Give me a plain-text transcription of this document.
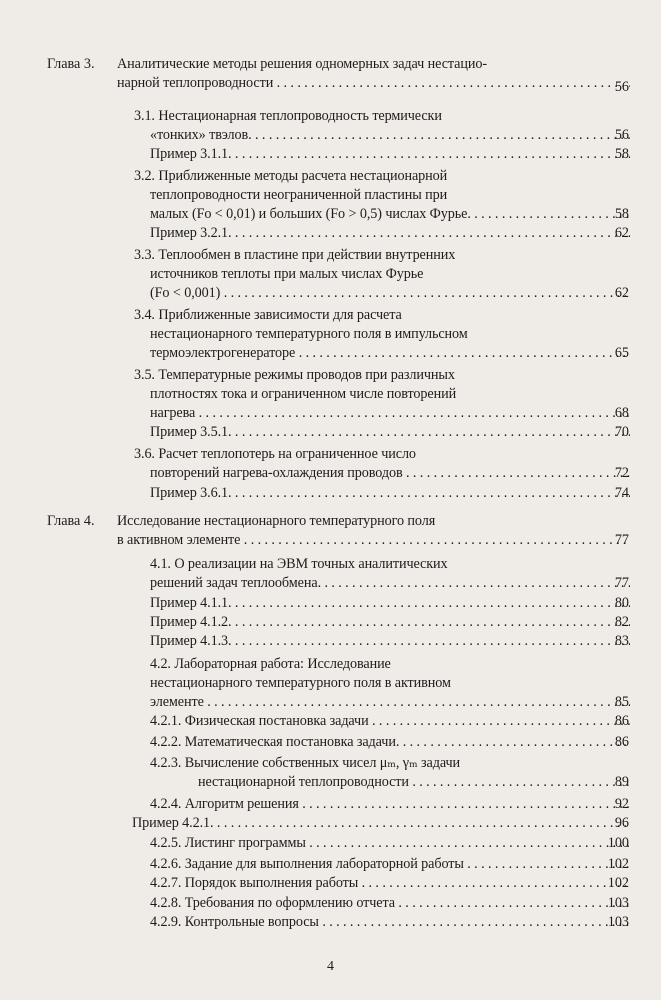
Глава 3. Аналитические методы решения одномерных задач нестацио-
нарной теплопроводности . . .	56
3.1. Нестационарная теплопроводность термически
«тонких» твэлов. . . .	56
Пример 3.1.1. . . .	58
3.2. Приближенные методы расчета нестационарной
теплопроводности неограниченной пластины при
малых (Fo < 0,01) и больших (Fo > 0,5) числах Фурье. . . .	58
Пример 3.2.1. . . .	62
3.3. Теплообмен в пластине при действии внутренних
источников теплоты при малых числах Фурье
(Fo < 0,001) . . .	62
3.4. Приближенные зависимости для расчета
нестационарного температурного поля в импульсном
термоэлектрогенераторе . . .	65
3.5. Температурные режимы проводов при различных
плотностях тока и ограниченном числе повторений
нагрева . . .	68
Пример 3.5.1. . . .	70
3.6. Расчет теплопотерь на ограниченное число
повторений нагрева-охлаждения проводов . . .	72
Пример 3.6.1. . . .	74
Глава 4. Исследование нестационарного температурного поля
в активном элементе . . .	77
4.1. О реализации на ЭВМ точных аналитических
решений задач теплообмена. . . .	77
Пример 4.1.1. . . .	80
Пример 4.1.2. . . .	82
Пример 4.1.3. . . .	83
4.2. Лабораторная работа: Исследование
нестационарного температурного поля в активном
элементе . . .	85
4.2.1. Физическая постановка задачи . . .	86
4.2.2. Математическая постановка задачи. . . .	86
4.2.3. Вычисление собственных чисел μₘ, γₘ задачи
нестационарной теплопроводности . . .	89
4.2.4. Алгоритм решения . . .	92
Пример 4.2.1. . . .	96
4.2.5. Листинг программы . . .	100
4.2.6. Задание для выполнения лабораторной работы . . .	102
4.2.7. Порядок выполнения работы . . .	102
4.2.8. Требования по оформлению отчета . . .	103
4.2.9. Контрольные вопросы . . .	103
4
